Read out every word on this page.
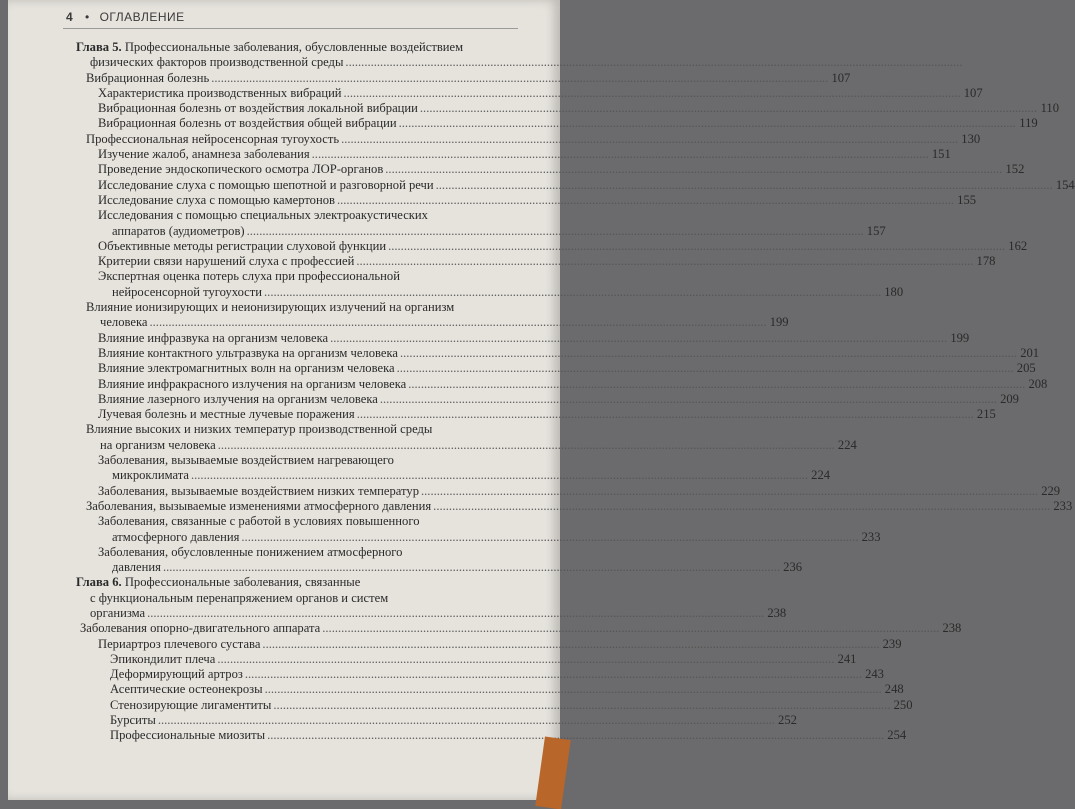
4 • ОГЛАВЛЕНИЕ
Глава 5.
Профессиональные заболевания, обусловленные воздействием
физических факторов производственной среды
.....
Вибрационная болезнь .....	107
Характеристика производственных вибраций .....	107
Вибрационная болезнь от воздействия локальной вибрации .....	110
Вибрационная болезнь от воздействия общей вибрации .....	119
Профессиональная нейросенсорная тугоухость .....	130
Изучение жалоб, анамнеза заболевания .....	151
Проведение эндоскопического осмотра ЛОР-органов .....	152
Исследование слуха с помощью шепотной и разговорной речи .....	154
Исследование слуха с помощью камертонов .....	155
Исследования с помощью специальных электроакустических
аппаратов (аудиометров) .....	157
Объективные методы регистрации слуховой функции .....	162
Критерии связи нарушений слуха с профессией .....	178
Экспертная оценка потерь слуха при профессиональной
нейросенсорной тугоухости .....	180
Влияние ионизирующих и неионизирующих излучений на организм
человека .....	199
Влияние инфразвука на организм человека .....	199
Влияние контактного ультразвука на организм человека .....	201
Влияние электромагнитных волн на организм человека .....	205
Влияние инфракрасного излучения на организм человека .....	208
Влияние лазерного излучения на организм человека .....	209
Лучевая болезнь и местные лучевые поражения .....	215
Влияние высоких и низких температур производственной среды
на организм человека .....	224
Заболевания, вызываемые воздействием нагревающего
микроклимата .....	224
Заболевания, вызываемые воздействием низких температур .....	229
Заболевания, вызываемые изменениями атмосферного давления .....	233
Заболевания, связанные с работой в условиях повышенного
атмосферного давления .....	233
Заболевания, обусловленные понижением атмосферного
давления .....	236
Глава 6.
Профессиональные заболевания, связанные
с функциональным перенапряжением органов и систем
организма .....	238
Заболевания опорно-двигательного аппарата .....	238
Периартроз плечевого сустава .....	239
Эпикондилит плеча .....	241
Деформирующий артроз .....	243
Асептические остеонекрозы .....	248
Стенозирующие лигаментиты .....	250
Бурситы .....	252
Профессиональные миозиты .....	254
